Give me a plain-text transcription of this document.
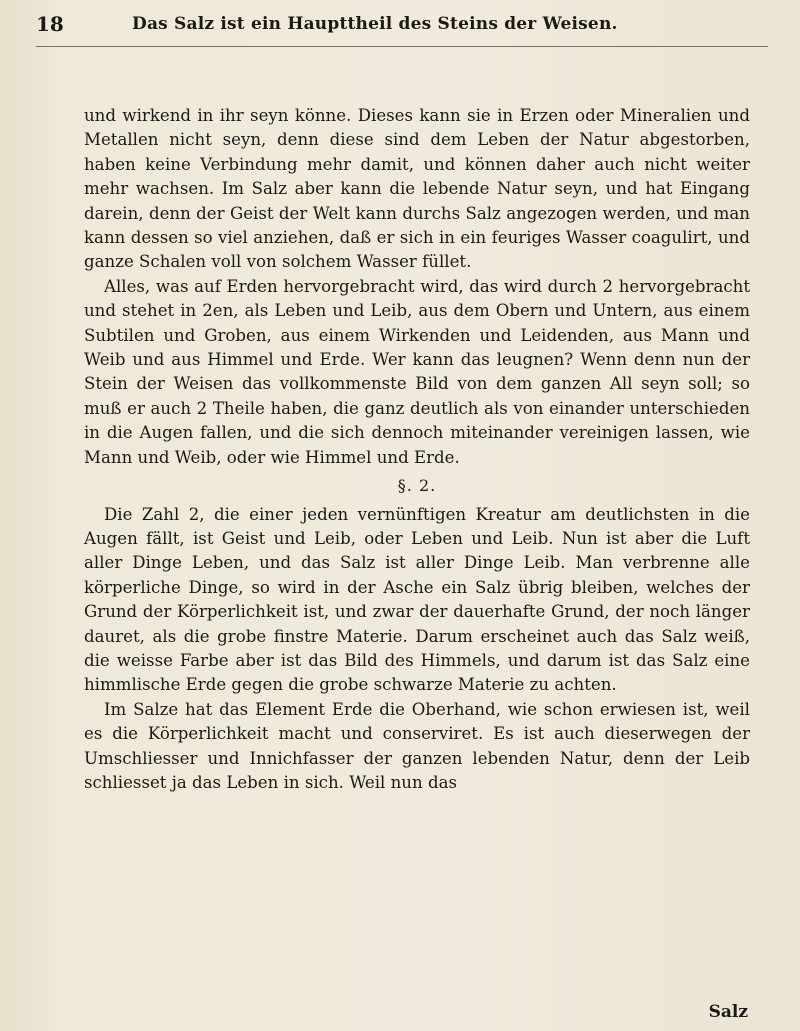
18	Das Salz ist ein Haupttheil des Steins der Weisen.

und wirkend in ihr seyn könne. Dieses kann sie in Erzen oder Mineralien und Metallen nicht seyn, denn diese sind dem Leben der Natur abgestorben, haben keine Verbindung mehr damit, und können daher auch nicht weiter mehr wachsen. Im Salz aber kann die lebende Natur seyn, und hat Eingang darein, denn der Geist der Welt kann durchs Salz angezogen werden, und man kann dessen so viel anziehen, daß er sich in ein feuriges Wasser coagulirt, und ganze Schalen voll von solchem Wasser füllet.

Alles, was auf Erden hervorgebracht wird, das wird durch 2 hervorgebracht und stehet in 2en, als Leben und Leib, aus dem Obern und Untern, aus einem Subtilen und Groben, aus einem Wirkenden und Leidenden, aus Mann und Weib und aus Himmel und Erde. Wer kann das leugnen? Wenn denn nun der Stein der Weisen das vollkommenste Bild von dem ganzen All seyn soll; so muß er auch 2 Theile haben, die ganz deutlich als von einander unterschieden in die Augen fallen, und die sich dennoch miteinander vereinigen lassen, wie Mann und Weib, oder wie Himmel und Erde.

§. 2.

Die Zahl 2, die einer jeden vernünftigen Kreatur am deutlichsten in die Augen fällt, ist Geist und Leib, oder Leben und Leib. Nun ist aber die Luft aller Dinge Leben, und das Salz ist aller Dinge Leib. Man verbrenne alle körperliche Dinge, so wird in der Asche ein Salz übrig bleiben, welches der Grund der Körperlichkeit ist, und zwar der dauerhafte Grund, der noch länger dauret, als die grobe finstre Materie. Darum erscheinet auch das Salz weiß, die weisse Farbe aber ist das Bild des Himmels, und darum ist das Salz eine himmlische Erde gegen die grobe schwarze Materie zu achten.

Im Salze hat das Element Erde die Oberhand, wie schon erwiesen ist, weil es die Körperlichkeit macht und conserviret. Es ist auch dieserwegen der Umschliesser und Innichfasser der ganzen lebenden Natur, denn der Leib schliesset ja das Leben in sich. Weil nun das

Salz
